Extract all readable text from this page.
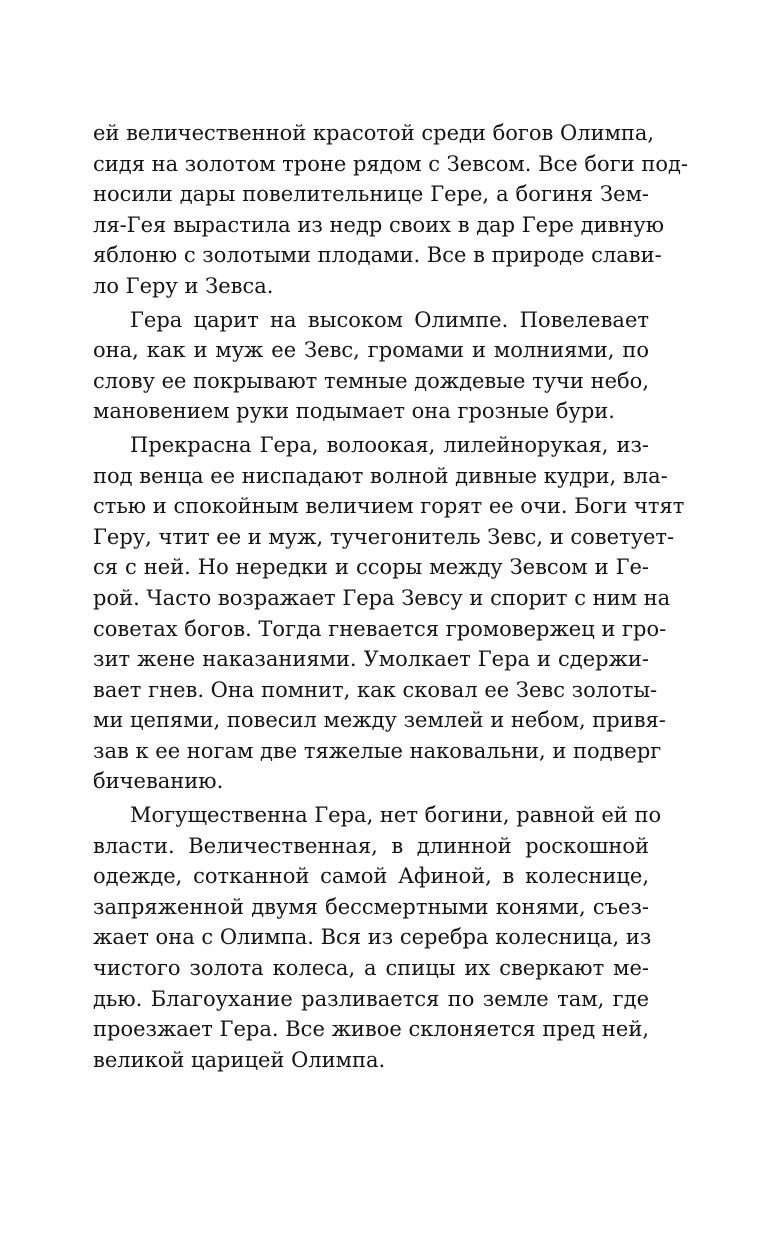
ей величественной красотой среди богов Олимпа,
сидя на золотом троне рядом с Зевсом. Все боги под-
носили дары повелительнице Гере, а богиня Зем-
ля-Гея вырастила из недр своих в дар Гере дивную
яблоню с золотыми плодами. Все в природе слави-
ло Геру и Зевса.
Гера царит на высоком Олимпе. Повелевает
она, как и муж ее Зевс, громами и молниями, по
слову ее покрывают темные дождевые тучи небо,
мановением руки подымает она грозные бури.
Прекрасна Гера, волоокая, лилейнорукая, из-
под венца ее ниспадают волной дивные кудри, вла-
стью и спокойным величием горят ее очи. Боги чтят
Геру, чтит ее и муж, тучегонитель Зевс, и советует-
ся с ней. Но нередки и ссоры между Зевсом и Ге-
рой. Часто возражает Гера Зевсу и спорит с ним на
советах богов. Тогда гневается громовержец и гро-
зит жене наказаниями. Умолкает Гера и сдержи-
вает гнев. Она помнит, как сковал ее Зевс золоты-
ми цепями, повесил между землей и небом, привя-
зав к ее ногам две тяжелые наковальни, и подверг
бичеванию.
Могущественна Гера, нет богини, равной ей по
власти. Величественная, в длинной роскошной
одежде, сотканной самой Афиной, в колеснице,
запряженной двумя бессмертными конями, съез-
жает она с Олимпа. Вся из серебра колесница, из
чистого золота колеса, а спицы их сверкают ме-
дью. Благоухание разливается по земле там, где
проезжает Гера. Все живое склоняется пред ней,
великой царицей Олимпа.
